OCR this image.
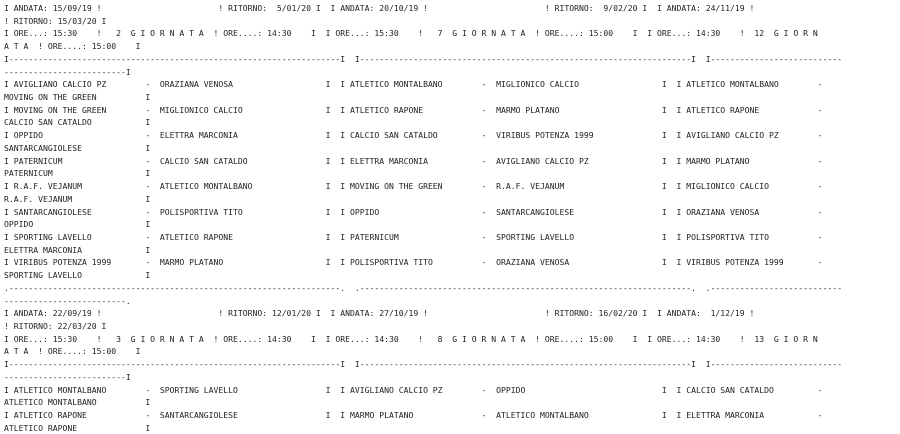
I ANDATA: 15/09/19 !                        ! RITORNO:  5/01/20 I  I ANDATA: 20/10/19 !                        ! RITORNO:  9/02/20 I  I ANDATA: 24/11/19 !
! RITORNO: 15/03/20 I
I ORE...: 15:30    !   2  G I O R N A T A  ! ORE....: 14:30    I  I ORE...: 15:30    !   7  G I O R N A T A  ! ORE....: 15:00    I  I ORE...: 14:30    !  12  G I O R N
A T A  ! ORE....: 15:00    I
I--------------------------------------------------------------------I  I--------------------------------------------------------------------I  I---------------------------
-------------------------I
I AVIGLIANO CALCIO PZ        -  ORAZIANA VENOSA                   I  I ATLETICO MONTALBANO        -  MIGLIONICO CALCIO                 I  I ATLETICO MONTALBANO        -
MOVING ON THE GREEN          I
I MOVING ON THE GREEN        -  MIGLIONICO CALCIO                 I  I ATLETICO RAPONE            -  MARMO PLATANO                     I  I ATLETICO RAPONE            -
CALCIO SAN CATALDO           I
I OPPIDO                     -  ELETTRA MARCONIA                  I  I CALCIO SAN CATALDO         -  VIRIBUS POTENZA 1999              I  I AVIGLIANO CALCIO PZ        -
SANTARCANGIOLESE             I
I PATERNICUM                 -  CALCIO SAN CATALDO                I  I ELETTRA MARCONIA           -  AVIGLIANO CALCIO PZ               I  I MARMO PLATANO              -
PATERNICUM                   I
I R.A.F. VEJANUM             -  ATLETICO MONTALBANO               I  I MOVING ON THE GREEN        -  R.A.F. VEJANUM                    I  I MIGLIONICO CALCIO          -
R.A.F. VEJANUM               I
I SANTARCANGIOLESE           -  POLISPORTIVA TITO                 I  I OPPIDO                     -  SANTARCANGIOLESE                  I  I ORAZIANA VENOSA            -
OPPIDO                       I
I SPORTING LAVELLO           -  ATLETICO RAPONE                   I  I PATERNICUM                 -  SPORTING LAVELLO                  I  I POLISPORTIVA TITO          -
ELETTRA MARCONIA             I
I VIRIBUS POTENZA 1999       -  MARMO PLATANO                     I  I POLISPORTIVA TITO          -  ORAZIANA VENOSA                   I  I VIRIBUS POTENZA 1999       -
SPORTING LAVELLO             I
.--------------------------------------------------------------------.  .--------------------------------------------------------------------.  .---------------------------
-------------------------.
I ANDATA: 22/09/19 !                        ! RITORNO: 12/01/20 I  I ANDATA: 27/10/19 !                        ! RITORNO: 16/02/20 I  I ANDATA:  1/12/19 !
! RITORNO: 22/03/20 I
I ORE...: 15:30    !   3  G I O R N A T A  ! ORE....: 14:30    I  I ORE...: 14:30    !   8  G I O R N A T A  ! ORE....: 15:00    I  I ORE...: 14:30    !  13  G I O R N
A T A  ! ORE....: 15:00    I
I--------------------------------------------------------------------I  I--------------------------------------------------------------------I  I---------------------------
-------------------------I
I ATLETICO MONTALBANO        -  SPORTING LAVELLO                  I  I AVIGLIANO CALCIO PZ        -  OPPIDO                            I  I CALCIO SAN CATALDO         -
ATLETICO MONTALBANO          I
I ATLETICO RAPONE            -  SANTARCANGIOLESE                  I  I MARMO PLATANO              -  ATLETICO MONTALBANO               I  I ELETTRA MARCONIA           -
ATLETICO RAPONE              I
